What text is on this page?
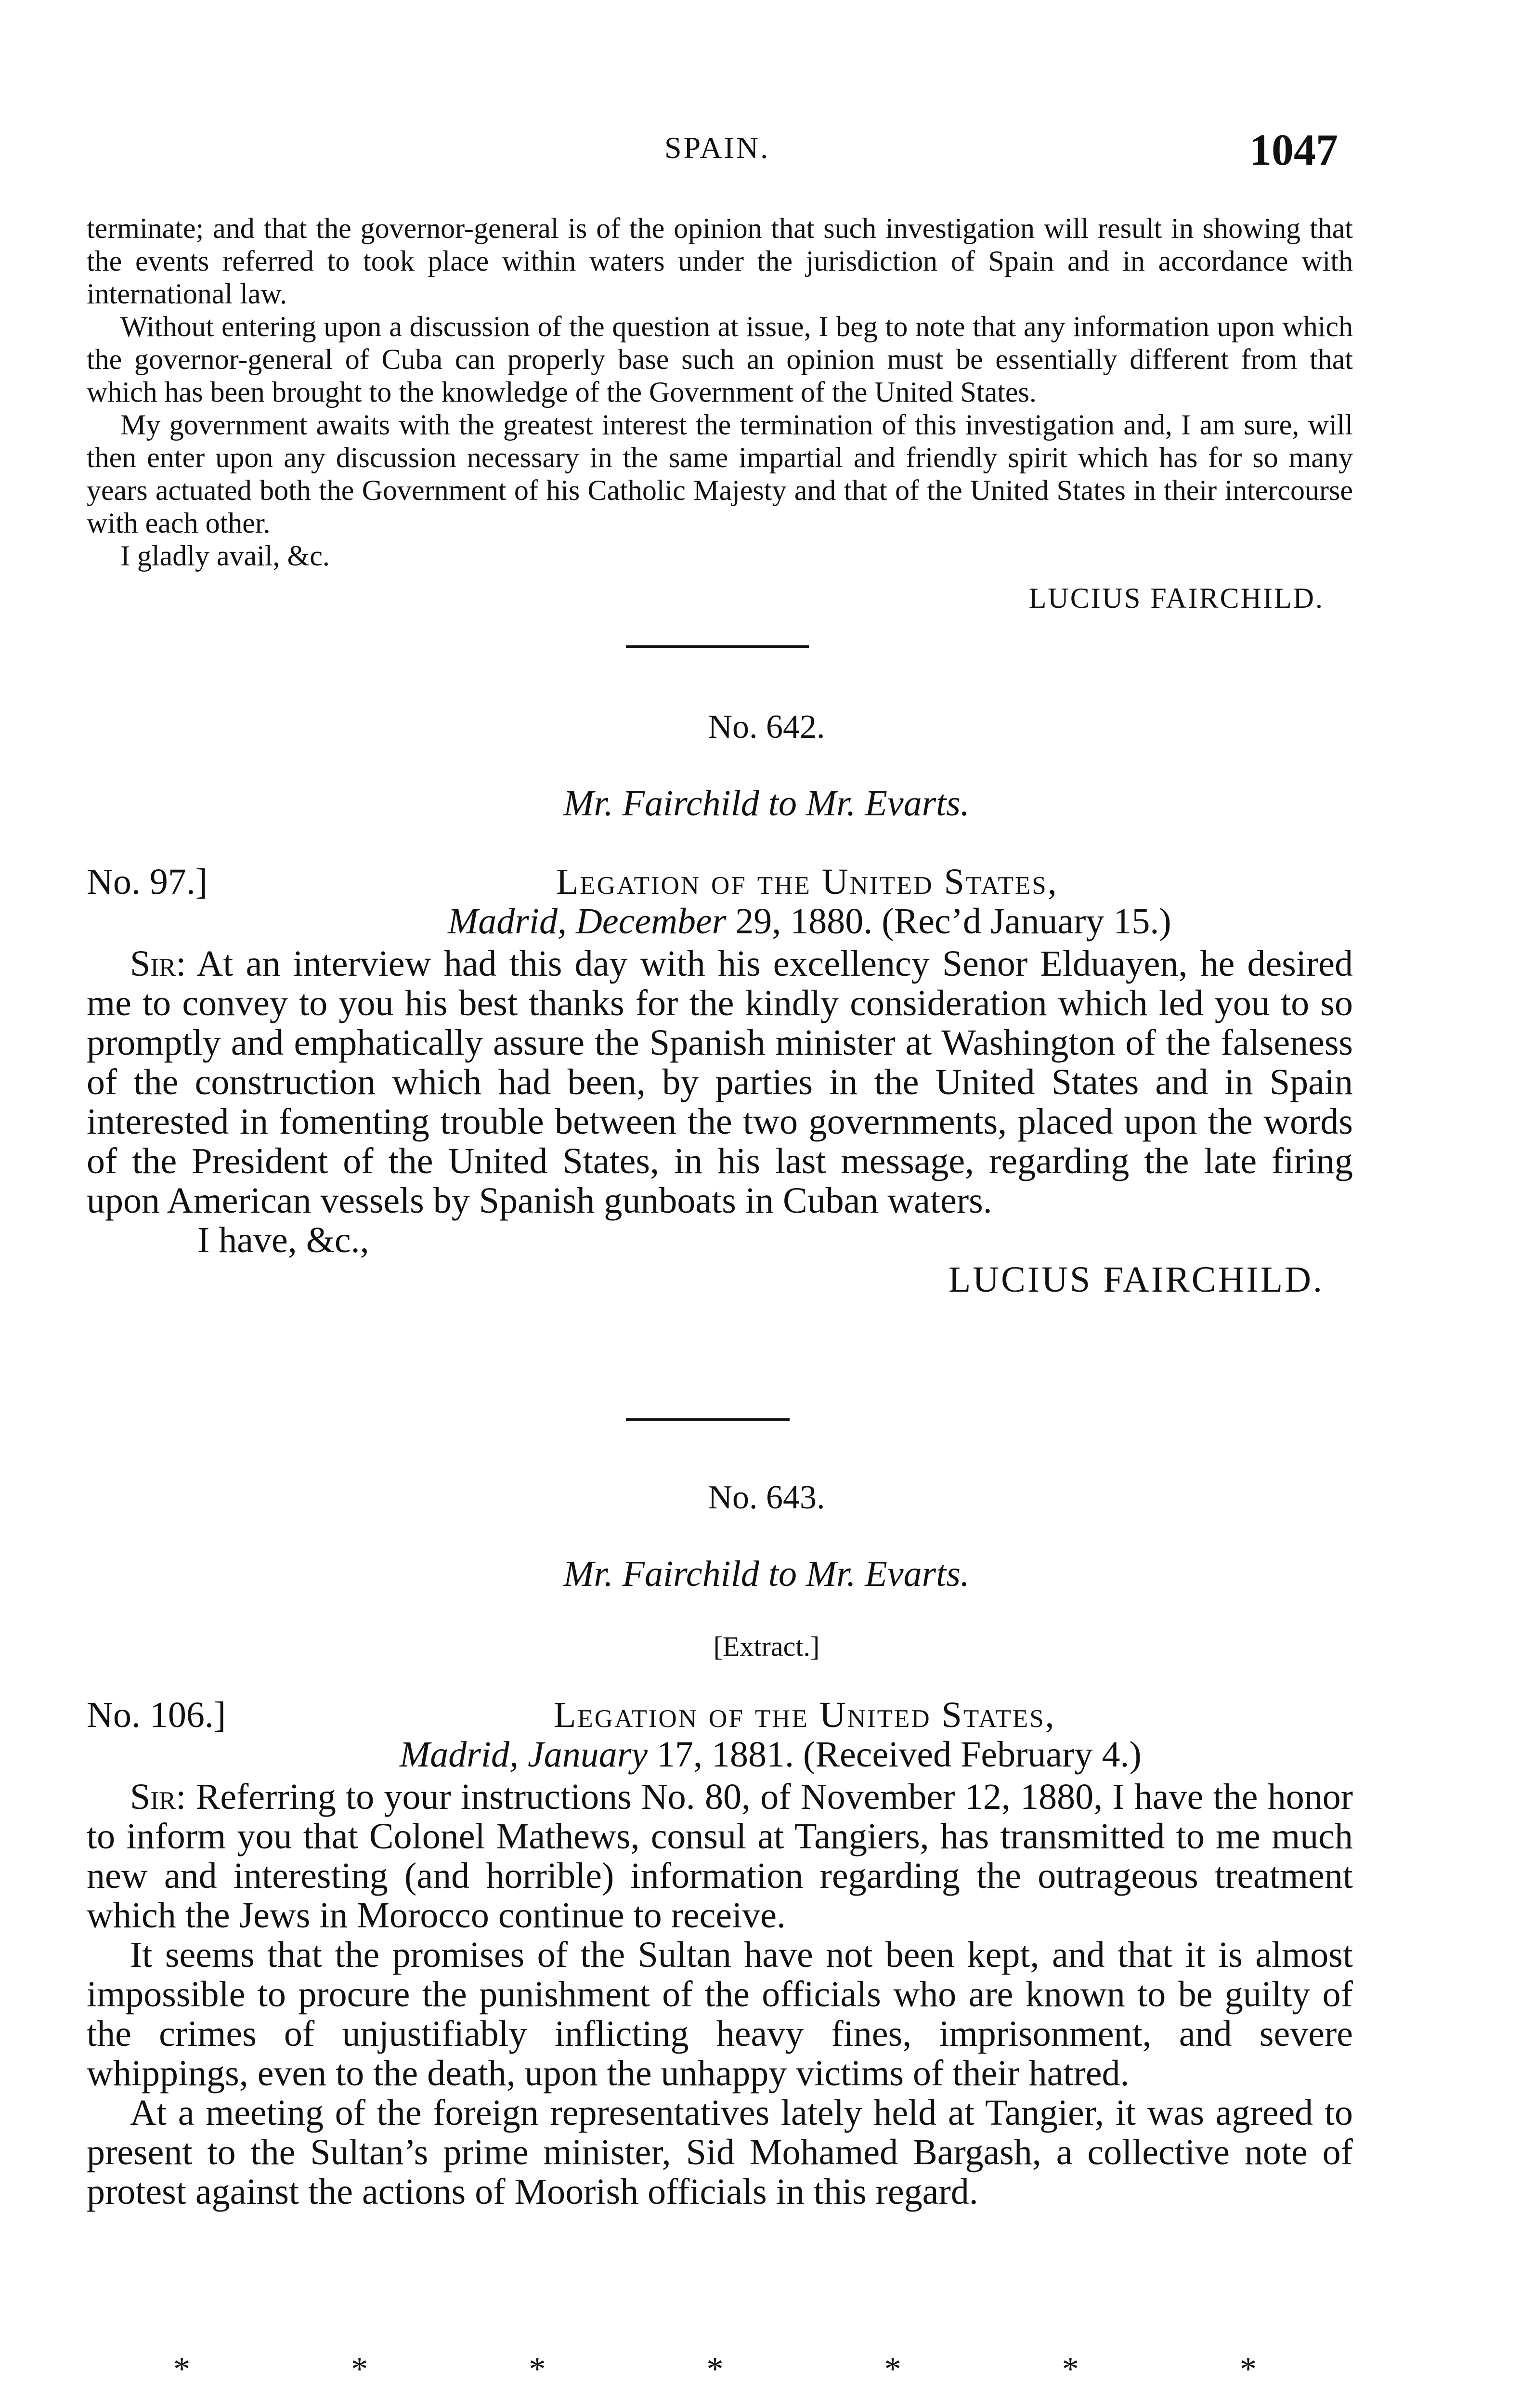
SPAIN.	1047

terminate; and that the governor-general is of the opinion that such investigation will result in showing that the events referred to took place within waters under the jurisdiction of Spain and in accordance with international law.

Without entering upon a discussion of the question at issue, I beg to note that any information upon which the governor-general of Cuba can properly base such an opinion must be essentially different from that which has been brought to the knowledge of the Government of the United States.

My government awaits with the greatest interest the termination of this investigation and, I am sure, will then enter upon any discussion necessary in the same impartial and friendly spirit which has for so many years actuated both the Government of his Catholic Majesty and that of the United States in their intercourse with each other.

I gladly avail, &c.

LUCIUS FAIRCHILD.
No. 642.
Mr. Fairchild to Mr. Evarts.
No. 97.]	Legation of the United States,
Madrid, December 29, 1880. (Rec’d January 15.)

Sir: At an interview had this day with his excellency Senor Elduayen, he desired me to convey to you his best thanks for the kindly consideration which led you to so promptly and emphatically assure the Spanish minister at Washington of the falseness of the construction which had been, by parties in the United States and in Spain interested in fomenting trouble between the two governments, placed upon the words of the President of the United States, in his last message, regarding the late firing upon American vessels by Spanish gunboats in Cuban waters.

I have, &c.,

LUCIUS FAIRCHILD.
No. 643.
Mr. Fairchild to Mr. Evarts.
[Extract.]
No. 106.]	Legation of the United States,
Madrid, January 17, 1881. (Received February 4.)

Sir: Referring to your instructions No. 80, of November 12, 1880, I have the honor to inform you that Colonel Mathews, consul at Tangiers, has transmitted to me much new and interesting (and horrible) information regarding the outrageous treatment which the Jews in Morocco continue to receive.

It seems that the promises of the Sultan have not been kept, and that it is almost impossible to procure the punishment of the officials who are known to be guilty of the crimes of unjustifiably inflicting heavy fines, imprisonment, and severe whippings, even to the death, upon the unhappy victims of their hatred.

At a meeting of the foreign representatives lately held at Tangier, it was agreed to present to the Sultan’s prime minister, Sid Mohamed Bargash, a collective note of protest against the actions of Moorish officials in this regard.

*	*	*	*	*	*	*
